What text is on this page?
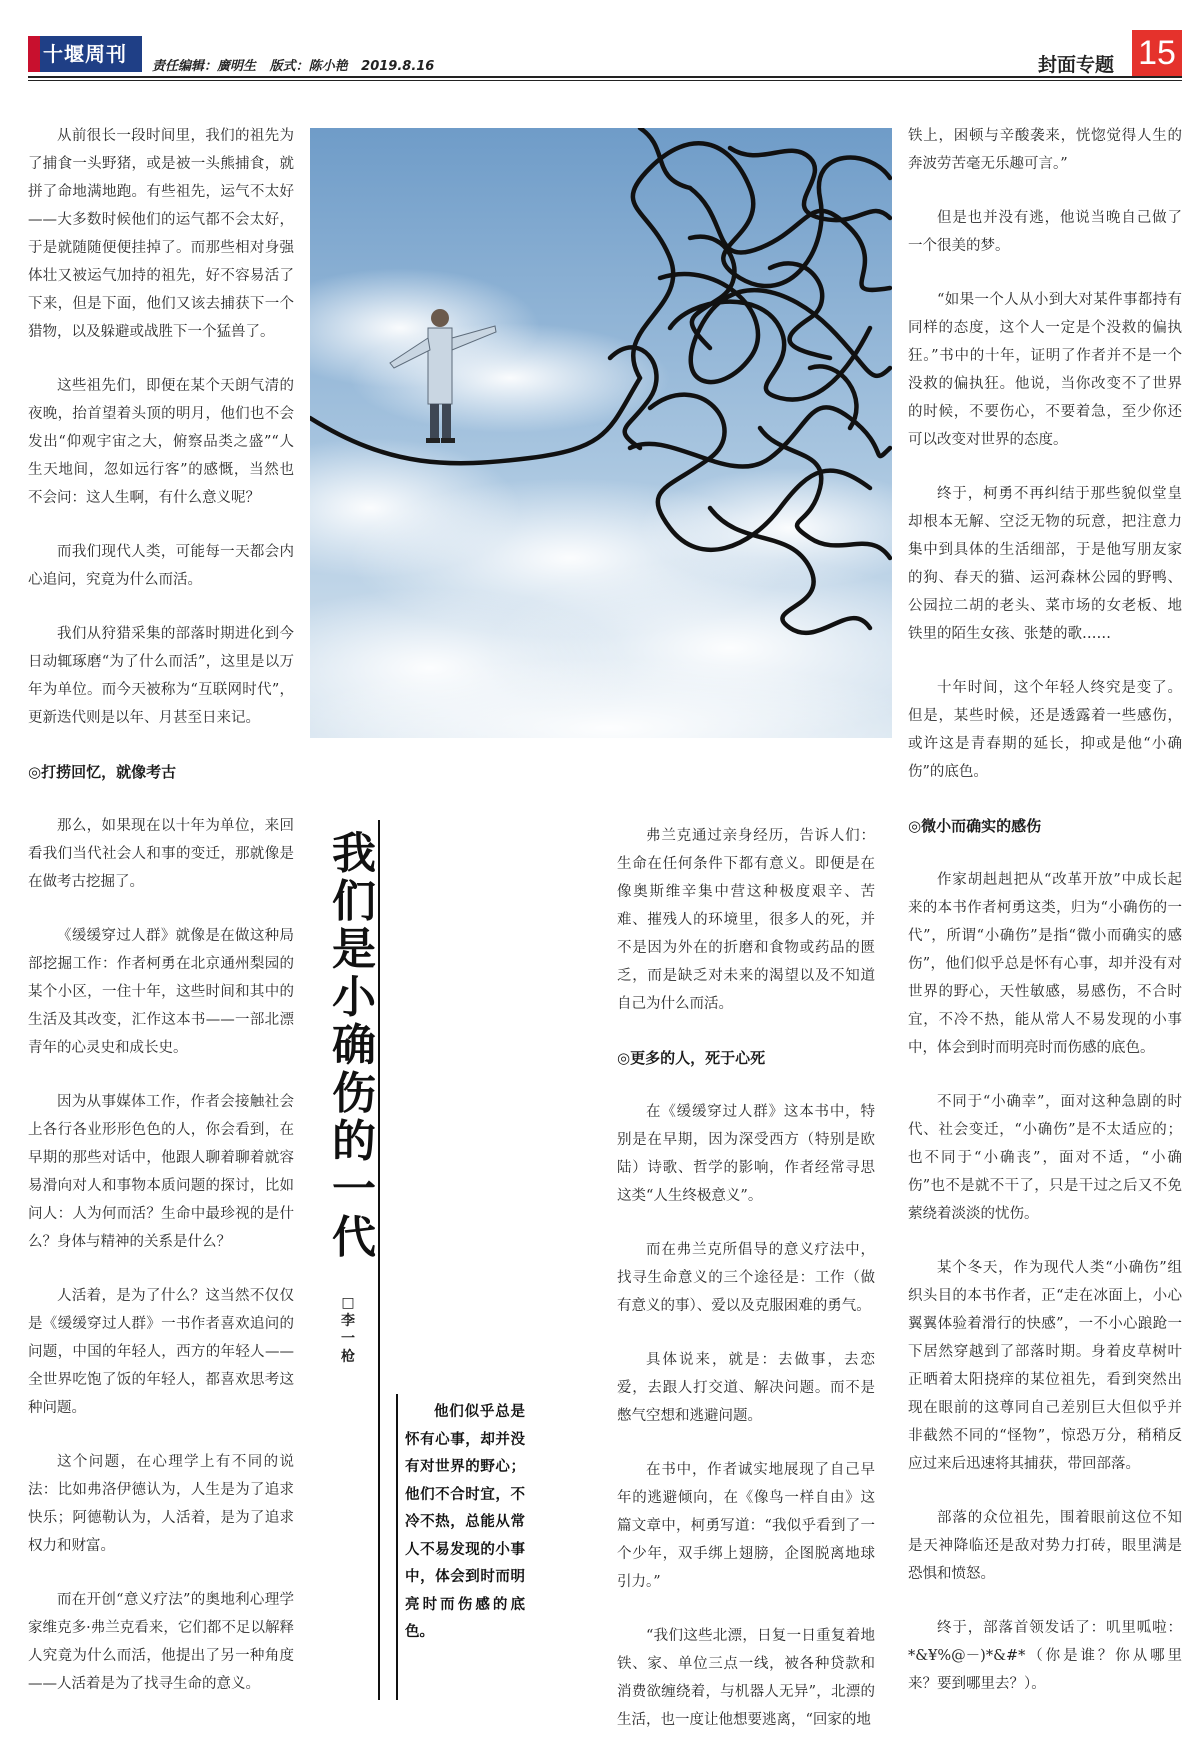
十堰周刊
责任编辑：廣明生   版式：陈小艳   2019.8.16	封面专题 15

从前很长一段时间里，我们的祖先为了捕食一头野猪，或是被一头熊捕食，就拼了命地满地跑。有些祖先，运气不太好——大多数时候他们的运气都不会太好，于是就随随便便挂掉了。而那些相对身强体壮又被运气加持的祖先，好不容易活了下来，但是下面，他们又该去捕获下一个猎物，以及躲避或战胜下一个猛兽了。

这些祖先们，即便在某个天朗气清的夜晚，抬首望着头顶的明月，他们也不会发出“仰观宇宙之大，俯察品类之盛”“人生天地间，忽如远行客”的感慨，当然也不会问：这人生啊，有什么意义呢？

而我们现代人类，可能每一天都会内心追问，究竟为什么而活。

我们从狩猎采集的部落时期进化到今日动辄琢磨“为了什么而活”，这里是以万年为单位。而今天被称为“互联网时代”，更新迭代则是以年、月甚至日来记。

◎打捞回忆，就像考古

那么，如果现在以十年为单位，来回看我们当代社会人和事的变迁，那就像是在做考古挖掘了。

《缓缓穿过人群》就像是在做这种局部挖掘工作：作者柯勇在北京通州梨园的某个小区，一住十年，这些时间和其中的生活及其改变，汇作这本书——一部北漂青年的心灵史和成长史。

因为从事媒体工作，作者会接触社会上各行各业形形色色的人，你会看到，在早期的那些对话中，他跟人聊着聊着就容易滑向对人和事物本质问题的探讨，比如问人：人为何而活？生命中最珍视的是什么？身体与精神的关系是什么？

人活着，是为了什么？这当然不仅仅是《缓缓穿过人群》一书作者喜欢追问的问题，中国的年轻人，西方的年轻人——全世界吃饱了饭的年轻人，都喜欢思考这种问题。

这个问题，在心理学上有不同的说法：比如弗洛伊德认为，人生是为了追求快乐；阿德勒认为，人活着，是为了追求权力和财富。

而在开创“意义疗法”的奥地利心理学家维克多·弗兰克看来，它们都不足以解释人究竟为什么而活，他提出了另一种角度——人活着是为了找寻生命的意义。

我
们
是
小
确
伤
的
一
代
□
李
一
枪

他们似乎总是怀有心事，却并没有对世界的野心；他们不合时宜，不冷不热，总能从常人不易发现的小事中，体会到时而明亮时而伤感的底色。

弗兰克通过亲身经历，告诉人们：生命在任何条件下都有意义。即便是在像奥斯维辛集中营这种极度艰辛、苦难、摧残人的环境里，很多人的死，并不是因为外在的折磨和食物或药品的匮乏，而是缺乏对未来的渴望以及不知道自己为什么而活。

◎更多的人，死于心死

在《缓缓穿过人群》这本书中，特别是在早期，因为深受西方（特别是欧陆）诗歌、哲学的影响，作者经常寻思这类“人生终极意义”。

而在弗兰克所倡导的意义疗法中，找寻生命意义的三个途径是：工作（做有意义的事）、爱以及克服困难的勇气。

具体说来，就是：去做事，去恋爱，去跟人打交道、解决问题。而不是憋气空想和逃避问题。

在书中，作者诚实地展现了自己早年的逃避倾向，在《像鸟一样自由》这篇文章中，柯勇写道：“我似乎看到了一个少年，双手绑上翅膀，企图脱离地球引力。”

“我们这些北漂，日复一日重复着地铁、家、单位三点一线，被各种贷款和消费欲缠绕着，与机器人无异”，北漂的生活，也一度让他想要逃离，“回家的地

铁上，困顿与辛酸袭来，恍惚觉得人生的奔波劳苦毫无乐趣可言。”

但是也并没有逃，他说当晚自己做了一个很美的梦。

“如果一个人从小到大对某件事都持有同样的态度，这个人一定是个没救的偏执狂。”书中的十年，证明了作者并不是一个没救的偏执狂。他说，当你改变不了世界的时候，不要伤心，不要着急，至少你还可以改变对世界的态度。

终于，柯勇不再纠结于那些貌似堂皇却根本无解、空泛无物的玩意，把注意力集中到具体的生活细部，于是他写朋友家的狗、春天的猫、运河森林公园的野鸭、公园拉二胡的老头、菜市场的女老板、地铁里的陌生女孩、张楚的歌……

十年时间，这个年轻人终究是变了。但是，某些时候，还是透露着一些感伤，或许这是青春期的延长，抑或是他“小确伤”的底色。

◎微小而确实的感伤

作家胡赳赳把从“改革开放”中成长起来的本书作者柯勇这类，归为“小确伤的一代”，所谓“小确伤”是指“微小而确实的感伤”，他们似乎总是怀有心事，却并没有对世界的野心，天性敏感，易感伤，不合时宜，不冷不热，能从常人不易发现的小事中，体会到时而明亮时而伤感的底色。

不同于“小确幸”，面对这种急剧的时代、社会变迁，“小确伤”是不太适应的；也不同于“小确丧”，面对不适，“小确伤”也不是就不干了，只是干过之后又不免萦绕着淡淡的忧伤。

某个冬天，作为现代人类“小确伤”组织头目的本书作者，正“走在冰面上，小心翼翼体验着滑行的快感”，一不小心踉跄一下居然穿越到了部落时期。身着皮草树叶正晒着太阳挠痒的某位祖先，看到突然出现在眼前的这尊同自己差别巨大但似乎并非截然不同的“怪物”，惊恐万分，稍稍反应过来后迅速将其捕获，带回部落。

部落的众位祖先，围着眼前这位不知是天神降临还是敌对势力打砖，眼里满是恐惧和愤怒。

终于，部落首领发话了：叽里呱啦：*&¥%@－)*&#*（你是谁？你从哪里来？要到哪里去？）。
